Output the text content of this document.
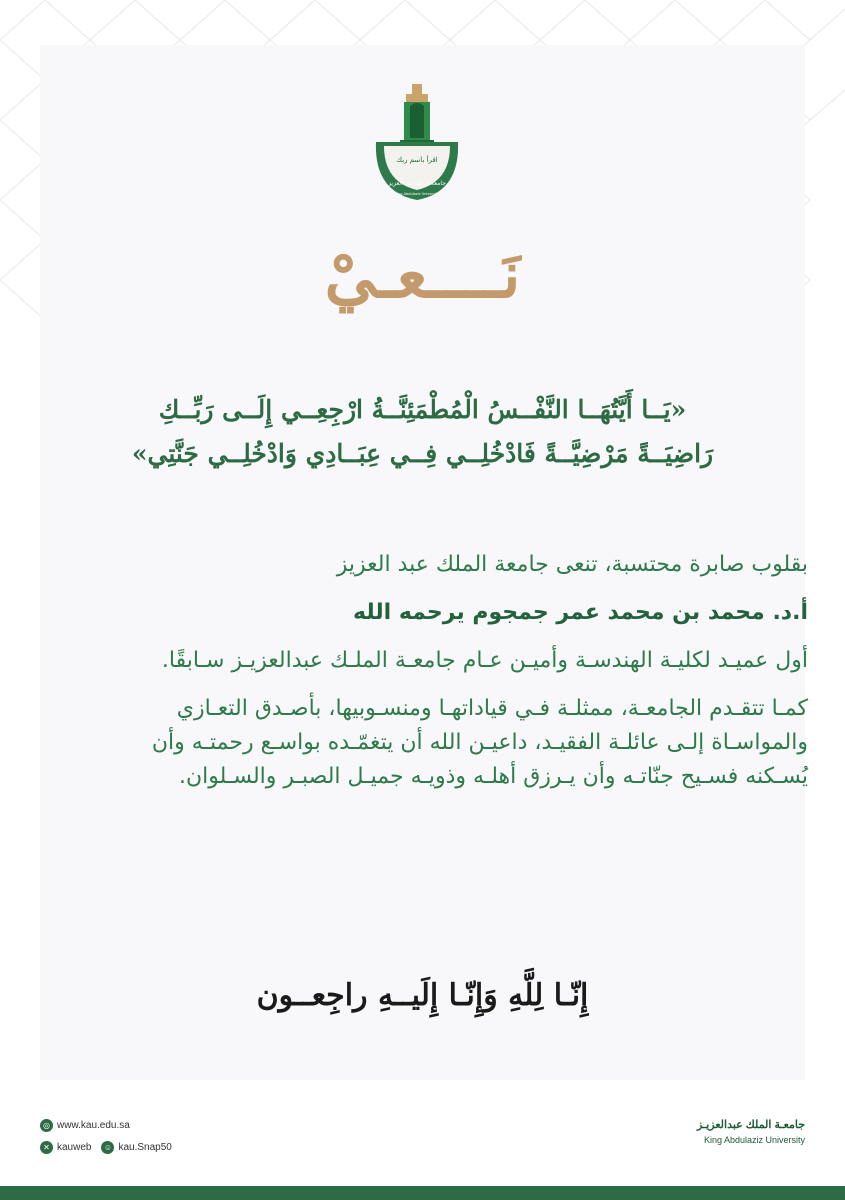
اقرأ باسم ربك
جامعة الملك عبد العزيز
King Abdulaziz University
نَــــعـيْ
«يَــا أَيَّتُهَــا النَّفْــسُ الْمُطْمَئِنَّــةُ ارْجِعِــي إِلَــى رَبِّــكِ
رَاضِيَــةً مَرْضِيَّــةً فَادْخُلِــي فِــي عِبَــادِي وَادْخُلِــي جَنَّتِي»

بقلوب صابرة محتسبة، تنعى جامعة الملك عبد العزيز

أ.د. محمد بن محمد عمر جمجوم يرحمه الله

أول عميـد لكليـة الهندسـة وأميـن عـام جامعـة الملـك عبدالعزيـز سـابقًا.

كمـا تتقـدم الجامعـة، ممثلـة فـي قياداتهـا ومنسـوبيها، بأصـدق التعـازي والمواسـاة إلـى عائلـة الفقيـد، داعيـن الله أن يتغمّـده بواسـع رحمتـه وأن يُسـكنه فسـيح جنّاتـه وأن يـرزق أهلـه وذويـه جميـل الصبـر والسـلوان.

إِنّـا لِلَّهِ وَإِنّـا إِلَيــهِ راجِعــون
◎ www.kau.edu.sa
✕ kauweb	☺ kau.Snap50
جامعـة الملك عبدالعزيـز
King Abdulaziz University
